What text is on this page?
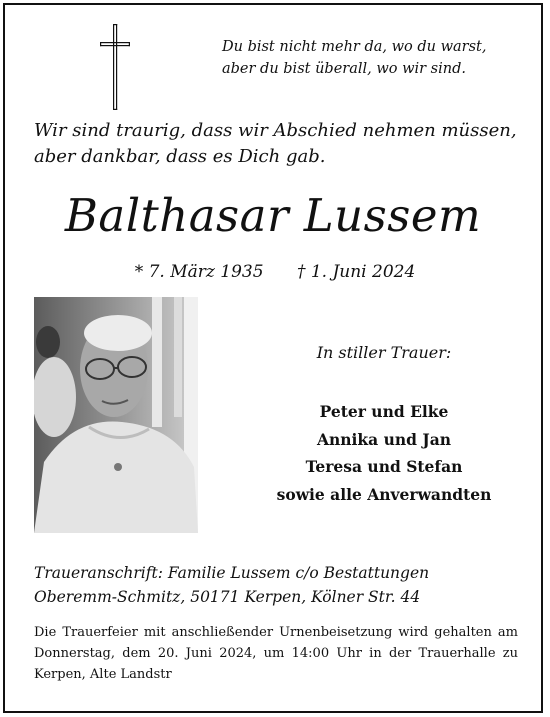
Du bist nicht mehr da, wo du warst,
aber du bist überall, wo wir sind.
Wir sind traurig, dass wir Abschied nehmen müssen,
aber dankbar, dass es Dich gab.
Balthasar Lussem
* 7. März 1935 † 1. Juni 2024
In stiller Trauer:
Peter und Elke
Annika und Jan
Teresa und Stefan
sowie alle Anverwandten
Traueranschrift: Familie Lussem c/o Bestattungen
Oberemm-Schmitz, 50171 Kerpen, Kölner Str. 44
Die Trauerfeier mit anschließender Urnenbeisetzung wird gehalten am Donnerstag, dem 20. Juni 2024, um 14:00 Uhr in der Trauerhalle zu Kerpen, Alte Landstr
